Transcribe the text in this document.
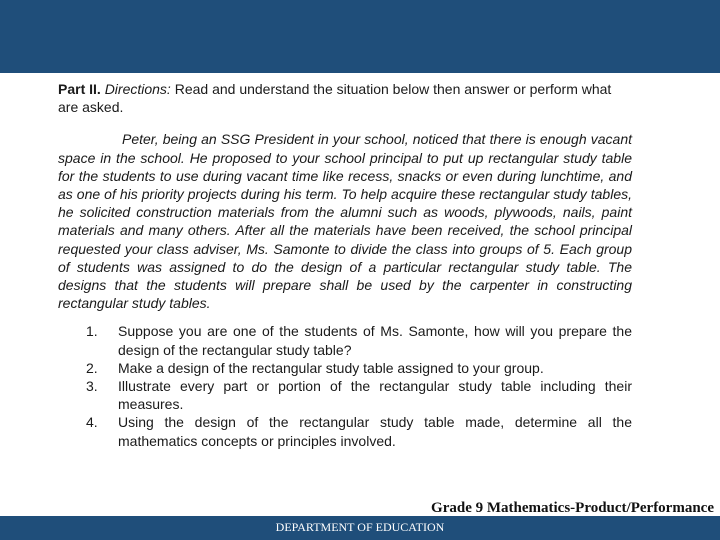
Part II. Directions: Read and understand the situation below then answer or perform what are asked.

Peter, being an SSG President in your school, noticed that there is enough vacant space in the school. He proposed to your school principal to put up rectangular study table for the students to use during vacant time like recess, snacks or even during lunchtime, and as one of his priority projects during his term. To help acquire these rectangular study tables, he solicited construction materials from the alumni such as woods, plywoods, nails, paint materials and many others. After all the materials have been received, the school principal requested your class adviser, Ms. Samonte to divide the class into groups of 5. Each group of students was assigned to do the design of a particular rectangular study table. The designs that the students will prepare shall be used by the carpenter in constructing rectangular study tables.

1.	Suppose you are one of the students of Ms. Samonte, how will you prepare the design of the rectangular study table?
2.	Make a design of the rectangular study table assigned to your group.
3.	Illustrate every part or portion of the rectangular study table including their measures.
4.	Using the design of the rectangular study table made, determine all the mathematics concepts or principles involved.
Grade 9 Mathematics-Product/Performance
DEPARTMENT OF EDUCATION
